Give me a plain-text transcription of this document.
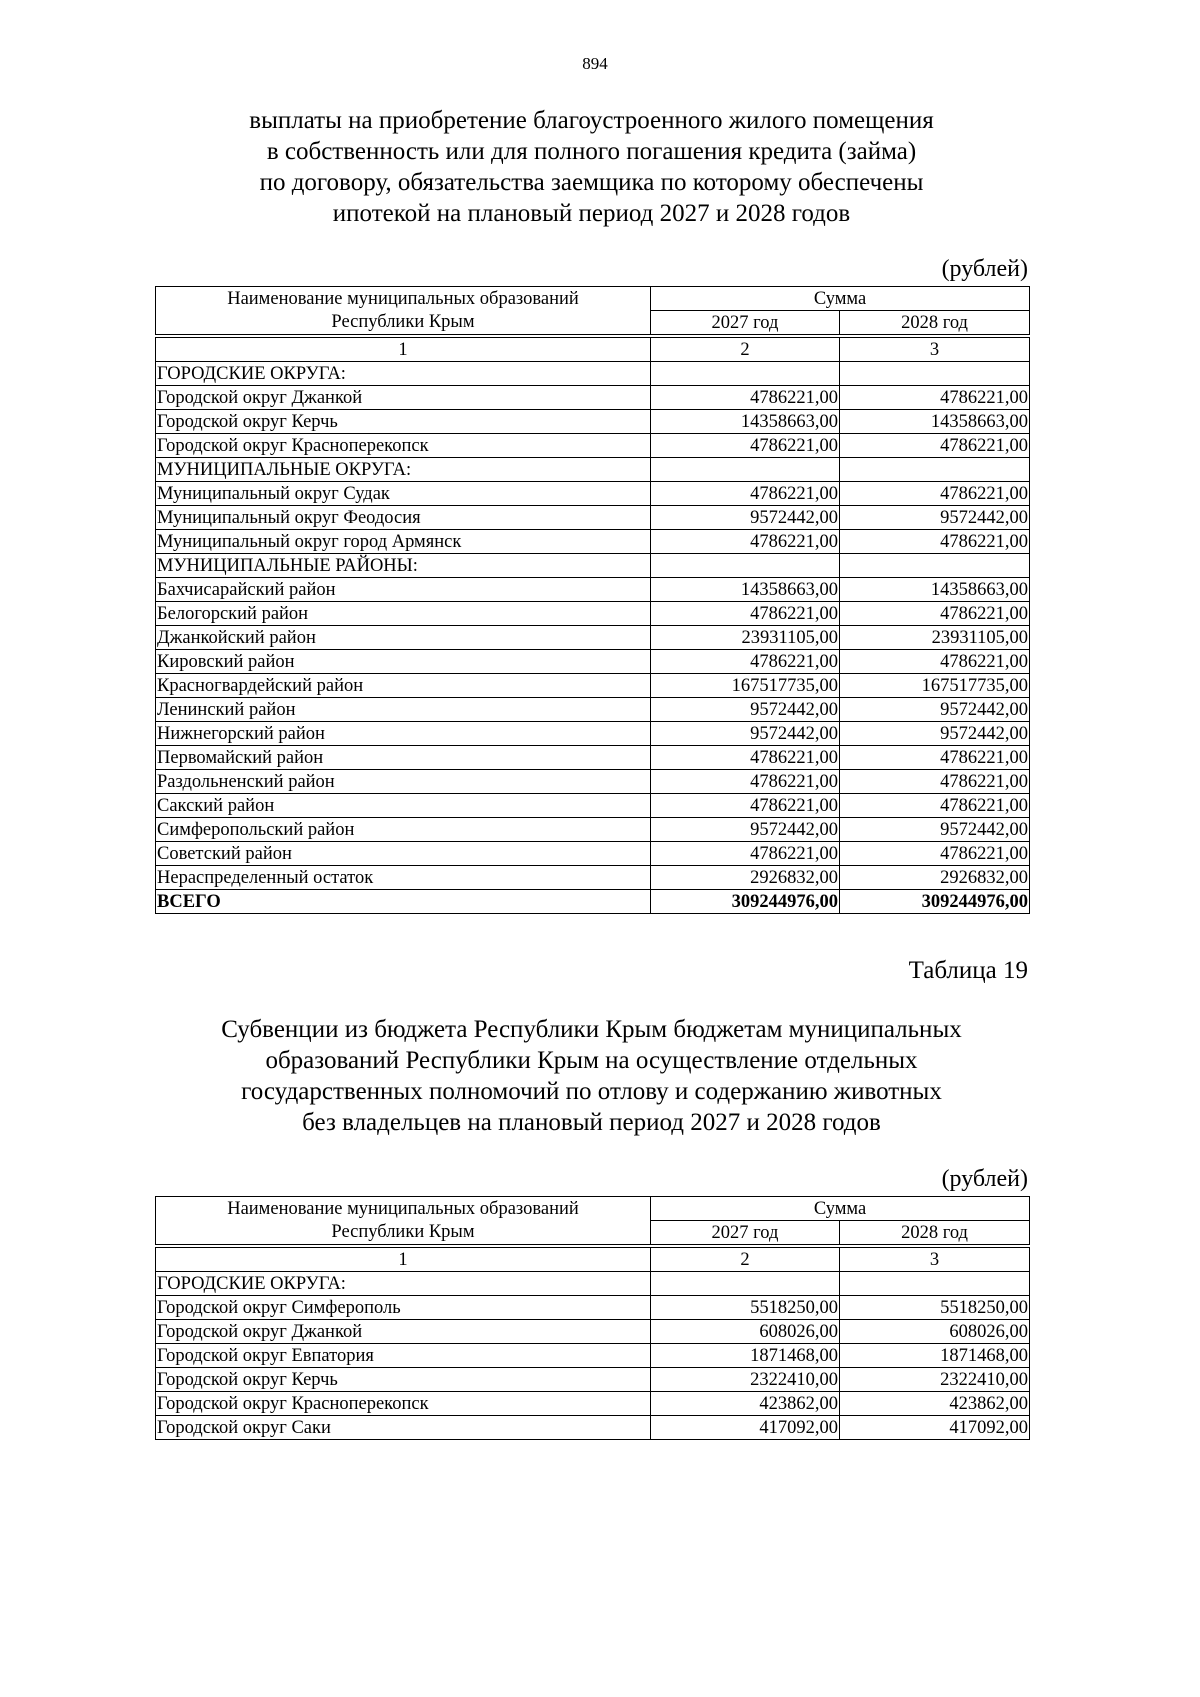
894
выплаты на приобретение благоустроенного жилого помещения
в собственность или для полного погашения кредита (займа)
по договору, обязательства заемщика по которому обеспечены
ипотекой на плановый период 2027 и 2028 годов
(рублей)
Наименование муниципальных образований
Республики Крым	Сумма	
	2027 год	2028 год

1	2	3
ГОРОДСКИЕ ОКРУГА:		
Городской округ Джанкой	4786221,00	4786221,00
Городской округ Керчь	14358663,00	14358663,00
Городской округ Красноперекопск	4786221,00	4786221,00
МУНИЦИПАЛЬНЫЕ ОКРУГА:		
Муниципальный округ Судак	4786221,00	4786221,00
Муниципальный округ Феодосия	9572442,00	9572442,00
Муниципальный округ город Армянск	4786221,00	4786221,00
МУНИЦИПАЛЬНЫЕ РАЙОНЫ:		
Бахчисарайский район	14358663,00	14358663,00
Белогорский район	4786221,00	4786221,00
Джанкойский район	23931105,00	23931105,00
Кировский район	4786221,00	4786221,00
Красногвардейский район	167517735,00	167517735,00
Ленинский район	9572442,00	9572442,00
Нижнегорский район	9572442,00	9572442,00
Первомайский район	4786221,00	4786221,00
Раздольненский район	4786221,00	4786221,00
Сакский район	4786221,00	4786221,00
Симферопольский район	9572442,00	9572442,00
Советский район	4786221,00	4786221,00
Нераспределенный остаток	2926832,00	2926832,00
ВСЕГО	309244976,00	309244976,00
Таблица 19
Субвенции из бюджета Республики Крым бюджетам муниципальных
образований Республики Крым на осуществление отдельных
государственных полномочий по отлову и содержанию животных
без владельцев на плановый период 2027 и 2028 годов
(рублей)
Наименование муниципальных образований
Республики Крым	Сумма	
	2027 год	2028 год

1	2	3
ГОРОДСКИЕ ОКРУГА:		
Городской округ Симферополь	5518250,00	5518250,00
Городской округ Джанкой	608026,00	608026,00
Городской округ Евпатория	1871468,00	1871468,00
Городской округ Керчь	2322410,00	2322410,00
Городской округ Красноперекопск	423862,00	423862,00
Городской округ Саки	417092,00	417092,00
